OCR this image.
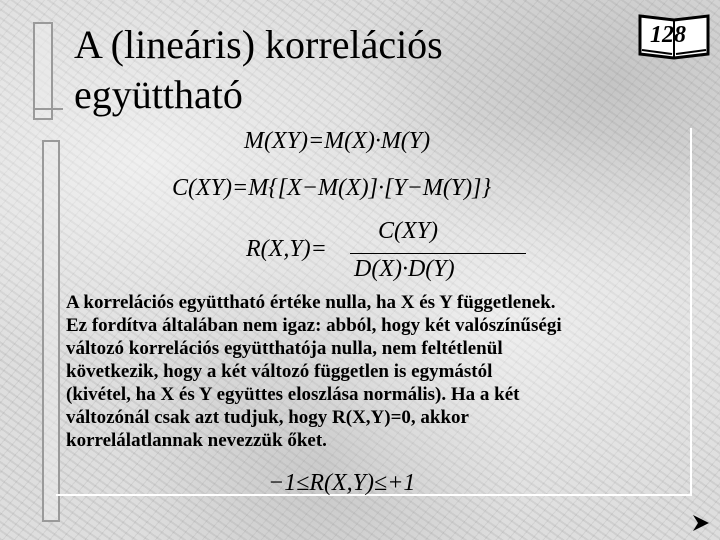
A (lineáris) korrelációs
együttható
128
M(XY)=M(X)·M(Y)
C(XY)=M{[X−M(X)]·[Y−M(Y)]}
R(X,Y)=
C(XY)
D(X)·D(Y)
A korrelációs együttható értéke nulla, ha X és Y függetlenek.
Ez fordítva általában nem igaz: abból, hogy két valószínűségi
változó korrelációs együtthatója nulla, nem feltétlenül
következik, hogy a két változó független is egymástól
(kivétel, ha X és Y együttes eloszlása normális). Ha a két
változónál csak azt tudjuk, hogy R(X,Y)=0, akkor
korrelálatlannak nevezzük őket.
−1≤R(X,Y)≤+1
